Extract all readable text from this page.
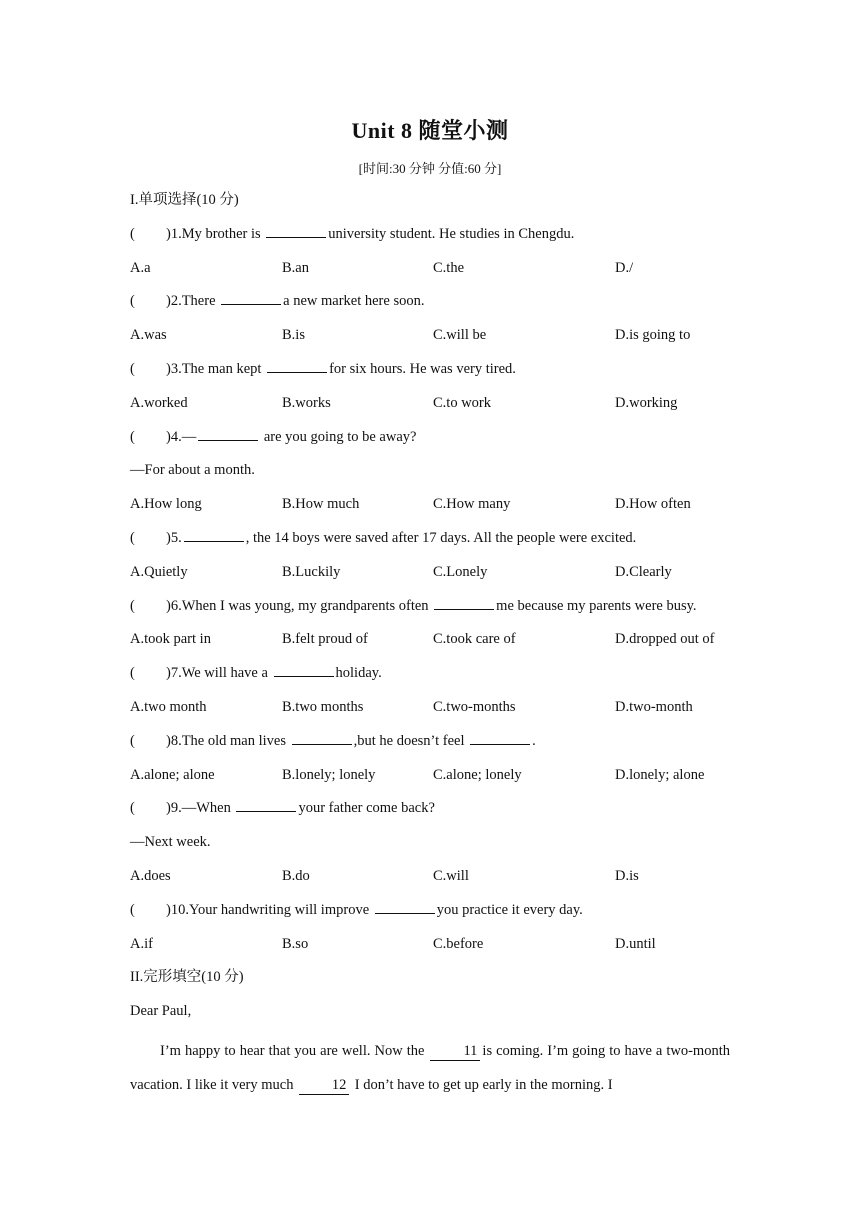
Unit 8 随堂小测
[时间:30 分钟 分值:60 分]
I.单项选择(10 分)
( )1.My brother is	university student. He studies in Chengdu.
A.a	B.an	C.the	D./
( )2.There	a new market here soon.
A.was	B.is	C.will be	D.is going to
( )3.The man kept	for six hours. He was very tired.
A.worked	B.works	C.to work	D.working
( )4.—	are you going to be away?
—For about a month.
A.How long	B.How much	C.How many	D.How often
( )5.	, the 14 boys were saved after 17 days. All the people were excited.
A.Quietly	B.Luckily	C.Lonely	D.Clearly
( )6.When I was young, my grandparents often	me because my parents were busy.
A.took part in	B.felt proud of	C.took care of	D.dropped out of
( )7.We will have a	holiday.
A.two month	B.two months	C.two-months	D.two-month
( )8.The old man lives	,but he doesn’t feel	.
A.alone; alone	B.lonely; lonely	C.alone; lonely	D.lonely; alone
( )9.—When	your father come back?
—Next week.
A.does	B.do	C.will	D.is
( )10.Your handwriting will improve	you practice it every day.
A.if	B.so	C.before	D.until
II.完形填空(10 分)
Dear Paul,
I’m happy to hear that you are well. Now the 11 is coming. I’m going to have a two-month vacation. I like it very much 12 I don’t have to get up early in the morning. I
